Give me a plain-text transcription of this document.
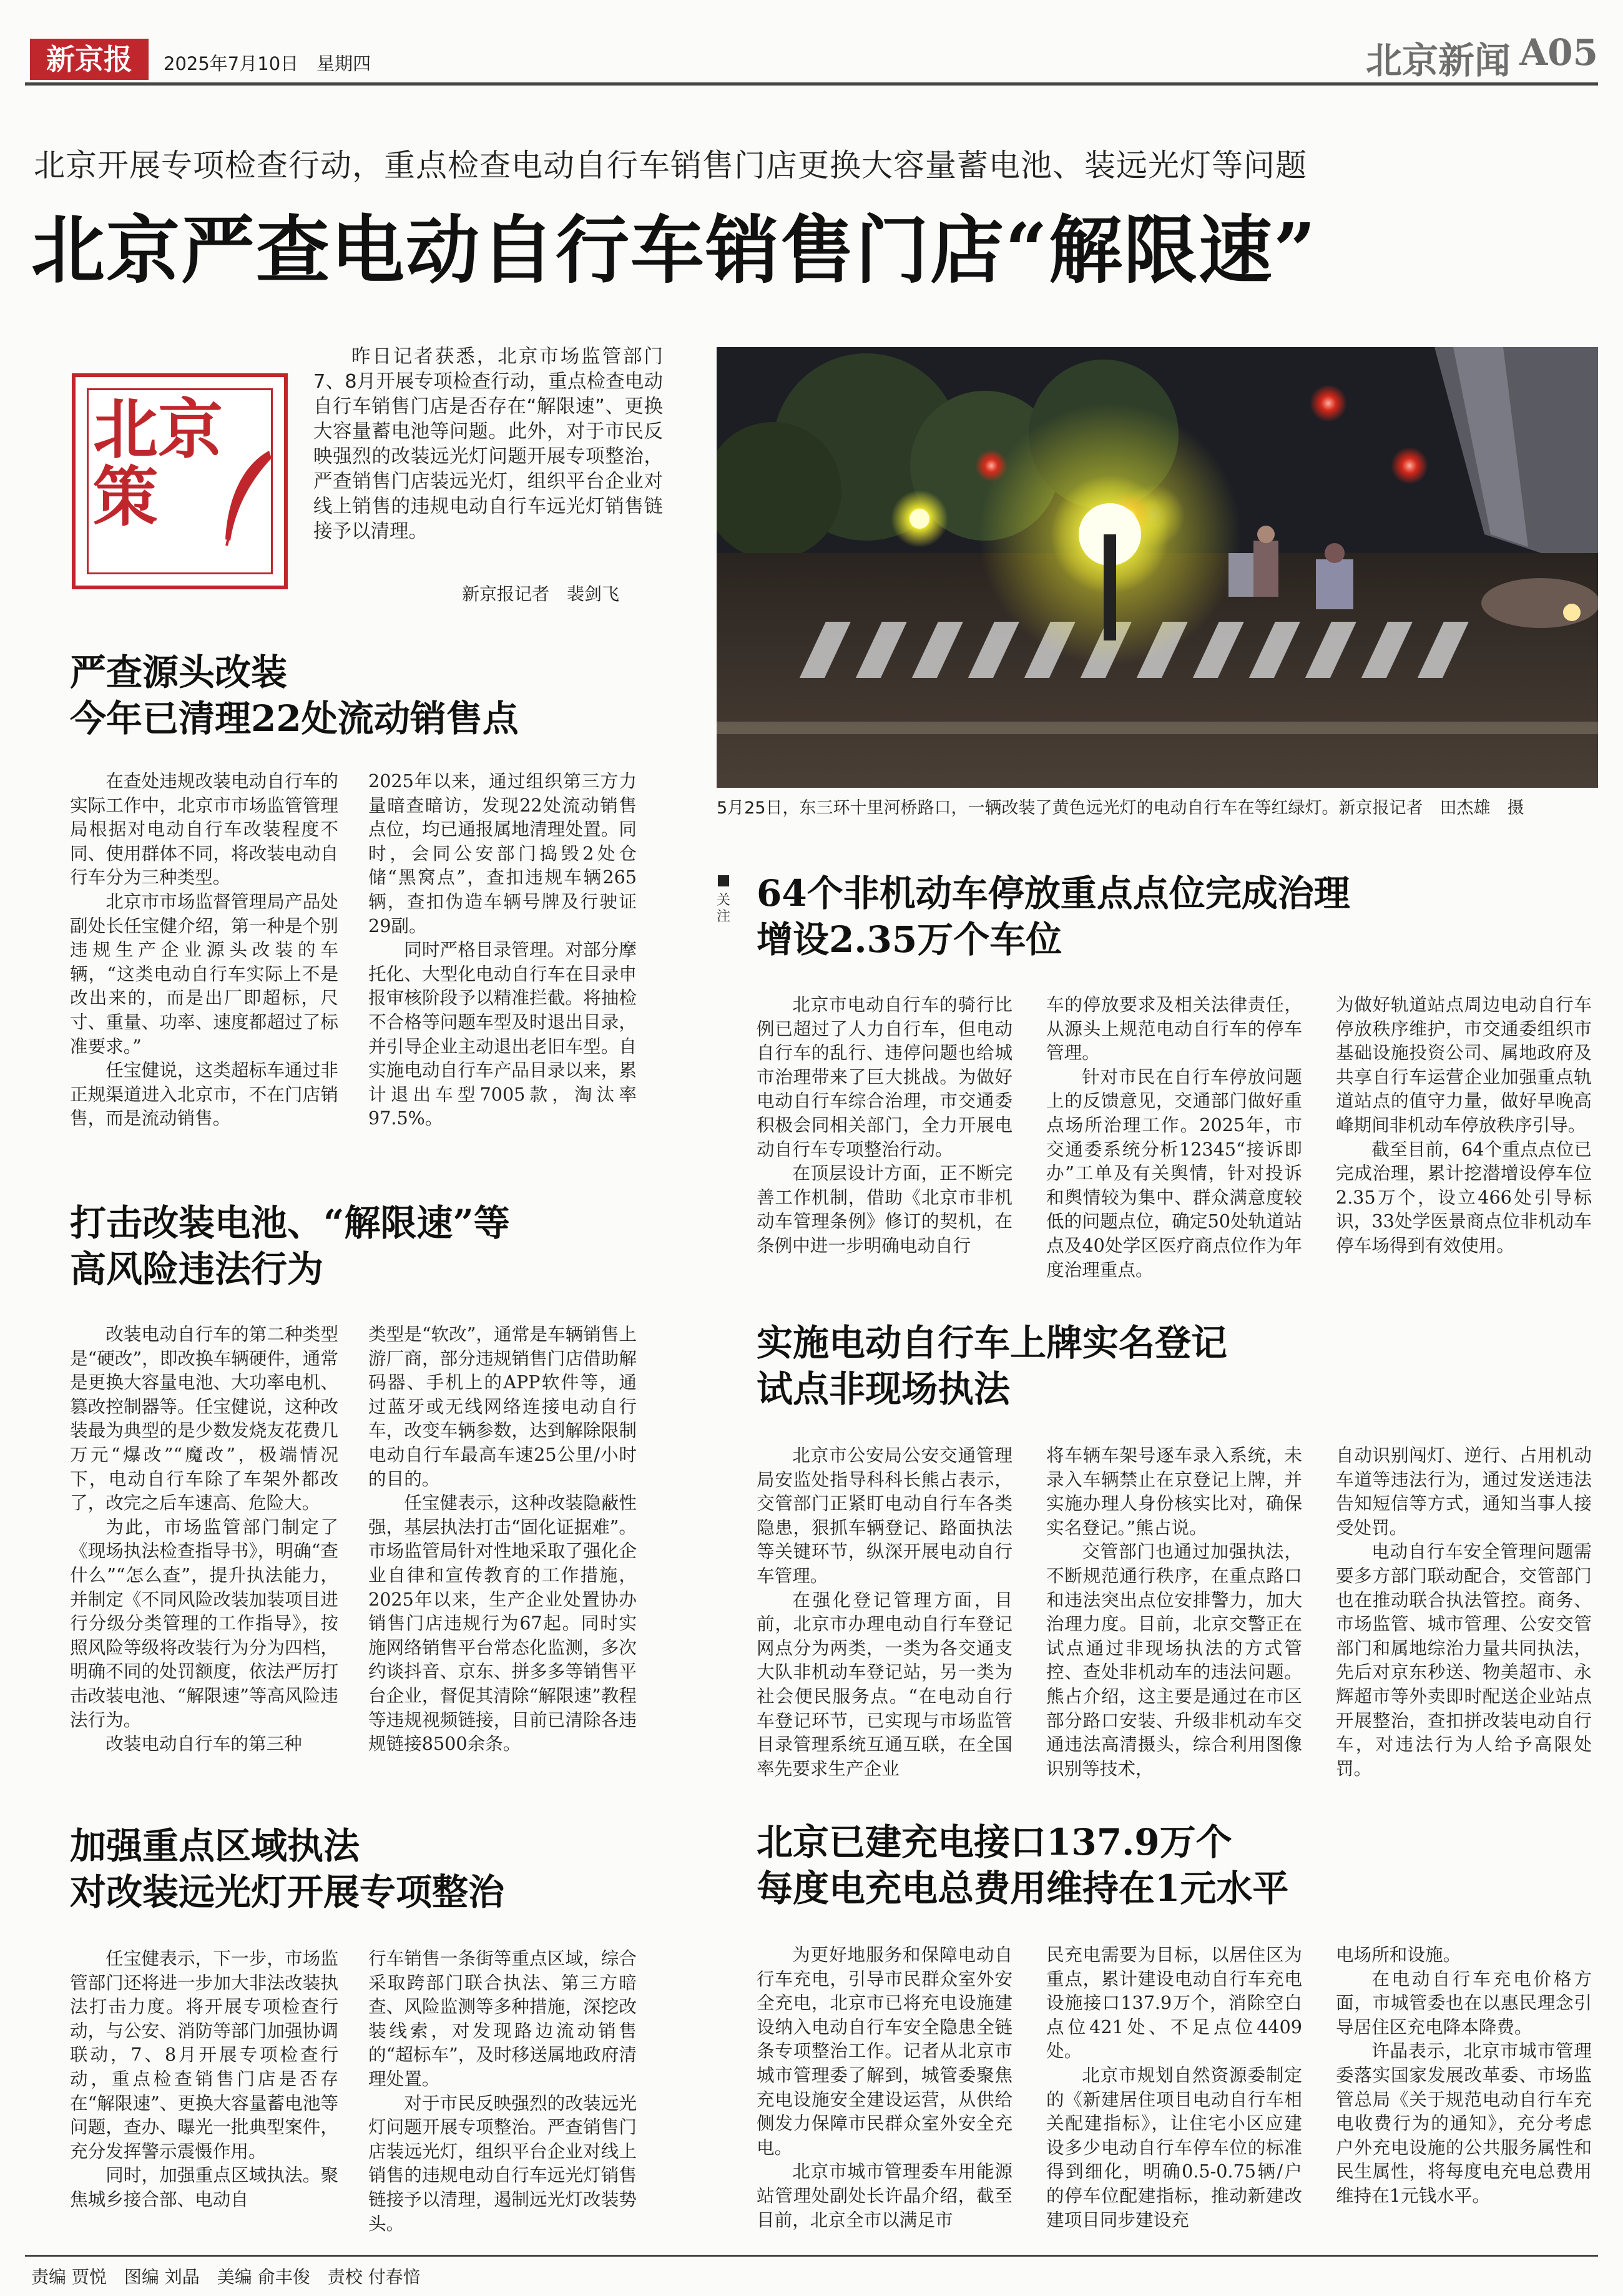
新京报	2025年7月10日　星期四	北京新闻 A05
北京开展专项检查行动，重点检查电动自行车销售门店更换大容量蓄电池、装远光灯等问题
北京严查电动自行车销售门店“解限速”
北京策
昨日记者获悉，北京市场监管部门7、8月开展专项检查行动，重点检查电动自行车销售门店是否存在“解限速”、更换大容量蓄电池等问题。此外，对于市民反映强烈的改装远光灯问题开展专项整治，严查销售门店装远光灯，组织平台企业对线上销售的违规电动自行车远光灯销售链接予以清理。
新京报记者　裴剑飞
5月25日，东三环十里河桥路口，一辆改装了黄色远光灯的电动自行车在等红绿灯。新京报记者　田杰雄　摄
严查源头改装
今年已清理22处流动销售点

在查处违规改装电动自行车的实际工作中，北京市市场监管管理局根据对电动自行车改装程度不同、使用群体不同，将改装电动自行车分为三种类型。

北京市市场监督管理局产品处副处长任宝健介绍，第一种是个别违规生产企业源头改装的车辆，“这类电动自行车实际上不是改出来的，而是出厂即超标，尺寸、重量、功率、速度都超过了标准要求。”

任宝健说，这类超标车通过非正规渠道进入北京市，不在门店销售，而是流动销售。

2025年以来，通过组织第三方力量暗查暗访，发现22处流动销售点位，均已通报属地清理处置。同时，会同公安部门捣毁2处仓储“黑窝点”，查扣违规车辆265辆，查扣伪造车辆号牌及行驶证29副。

同时严格目录管理。对部分摩托化、大型化电动自行车在目录申报审核阶段予以精准拦截。将抽检不合格等问题车型及时退出目录，并引导企业主动退出老旧车型。自实施电动自行车产品目录以来，累计退出车型7005款，淘汰率97.5%。

打击改装电池、“解限速”等
高风险违法行为

改装电动自行车的第二种类型是“硬改”，即改换车辆硬件，通常是更换大容量电池、大功率电机、篡改控制器等。任宝健说，这种改装最为典型的是少数发烧友花费几万元“爆改”“魔改”，极端情况下，电动自行车除了车架外都改了，改完之后车速高、危险大。

为此，市场监管部门制定了《现场执法检查指导书》，明确“查什么”“怎么查”，提升执法能力，并制定《不同风险改装加装项目进行分级分类管理的工作指导》，按照风险等级将改装行为分为四档，明确不同的处罚额度，依法严厉打击改装电池、“解限速”等高风险违法行为。

改装电动自行车的第三种

类型是“软改”，通常是车辆销售上游厂商，部分违规销售门店借助解码器、手机上的APP软件等，通过蓝牙或无线网络连接电动自行车，改变车辆参数，达到解除限制电动自行车最高车速25公里/小时的目的。

任宝健表示，这种改装隐蔽性强，基层执法打击“固化证据难”。市场监管局针对性地采取了强化企业自律和宣传教育的工作措施，2025年以来，生产企业处置协办销售门店违规行为67起。同时实施网络销售平台常态化监测，多次约谈抖音、京东、拼多多等销售平台企业，督促其清除“解限速”教程等违规视频链接，目前已清除各违规链接8500余条。

加强重点区域执法
对改装远光灯开展专项整治

任宝健表示，下一步，市场监管部门还将进一步加大非法改装执法打击力度。将开展专项检查行动，与公安、消防等部门加强协调联动，7、8月开展专项检查行动，重点检查销售门店是否存在“解限速”、更换大容量蓄电池等问题，查办、曝光一批典型案件，充分发挥警示震慑作用。

同时，加强重点区域执法。聚焦城乡接合部、电动自

行车销售一条街等重点区域，综合采取跨部门联合执法、第三方暗查、风险监测等多种措施，深挖改装线索，对发现路边流动销售的“超标车”，及时移送属地政府清理处置。

对于市民反映强烈的改装远光灯问题开展专项整治。严查销售门店装远光灯，组织平台企业对线上销售的违规电动自行车远光灯销售链接予以清理，遏制远光灯改装势头。

关注
64个非机动车停放重点点位完成治理
增设2.35万个车位

北京市电动自行车的骑行比例已超过了人力自行车，但电动自行车的乱行、违停问题也给城市治理带来了巨大挑战。为做好电动自行车综合治理，市交通委积极会同相关部门，全力开展电动自行车专项整治行动。

在顶层设计方面，正不断完善工作机制，借助《北京市非机动车管理条例》修订的契机，在条例中进一步明确电动自行

车的停放要求及相关法律责任，从源头上规范电动自行车的停车管理。

针对市民在自行车停放问题上的反馈意见，交通部门做好重点场所治理工作。2025年，市交通委系统分析12345“接诉即办”工单及有关舆情，针对投诉和舆情较为集中、群众满意度较低的问题点位，确定50处轨道站点及40处学区医疗商点位作为年度治理重点。

为做好轨道站点周边电动自行车停放秩序维护，市交通委组织市基础设施投资公司、属地政府及共享自行车运营企业加强重点轨道站点的值守力量，做好早晚高峰期间非机动车停放秩序引导。

截至目前，64个重点点位已完成治理，累计挖潜增设停车位2.35万个，设立466处引导标识，33处学医景商点位非机动车停车场得到有效使用。

实施电动自行车上牌实名登记
试点非现场执法

北京市公安局公安交通管理局安监处指导科科长熊占表示，交管部门正紧盯电动自行车各类隐患，狠抓车辆登记、路面执法等关键环节，纵深开展电动自行车管理。

在强化登记管理方面，目前，北京市办理电动自行车登记网点分为两类，一类为各交通支大队非机动车登记站，另一类为社会便民服务点。“在电动自行车登记环节，已实现与市场监管目录管理系统互通互联，在全国率先要求生产企业

将车辆车架号逐车录入系统，未录入车辆禁止在京登记上牌，并实施办理人身份核实比对，确保实名登记。”熊占说。

交管部门也通过加强执法，不断规范通行秩序，在重点路口和违法突出点位安排警力，加大治理力度。目前，北京交警正在试点通过非现场执法的方式管控、查处非机动车的违法问题。熊占介绍，这主要是通过在市区部分路口安装、升级非机动车交通违法高清摄头，综合利用图像识别等技术，

自动识别闯灯、逆行、占用机动车道等违法行为，通过发送违法告知短信等方式，通知当事人接受处罚。

电动自行车安全管理问题需要多方部门联动配合，交管部门也在推动联合执法管控。商务、市场监管、城市管理、公安交管部门和属地综治力量共同执法，先后对京东秒送、物美超市、永辉超市等外卖即时配送企业站点开展整治，查扣拼改装电动自行车，对违法行为人给予高限处罚。

北京已建充电接口137.9万个
每度电充电总费用维持在1元水平

为更好地服务和保障电动自行车充电，引导市民群众室外安全充电，北京市已将充电设施建设纳入电动自行车安全隐患全链条专项整治工作。记者从北京市城市管理委了解到，城管委聚焦充电设施安全建设运营，从供给侧发力保障市民群众室外安全充电。

北京市城市管理委车用能源站管理处副处长许晶介绍，截至目前，北京全市以满足市

民充电需要为目标，以居住区为重点，累计建设电动自行车充电设施接口137.9万个，消除空白点位421处、不足点位4409处。

北京市规划自然资源委制定的《新建居住项目电动自行车相关配建指标》，让住宅小区应建设多少电动自行车停车位的标准得到细化，明确0.5-0.75辆/户的停车位配建指标，推动新建改建项目同步建设充

电场所和设施。

在电动自行车充电价格方面，市城管委也在以惠民理念引导居住区充电降本降费。

许晶表示，北京市城市管理委落实国家发展改革委、市场监管总局《关于规范电动自行车充电收费行为的通知》，充分考虑户外充电设施的公共服务属性和民生属性，将每度电充电总费用维持在1元钱水平。

责编 贾悦　图编 刘晶　美编 俞丰俊　责校 付春愔
